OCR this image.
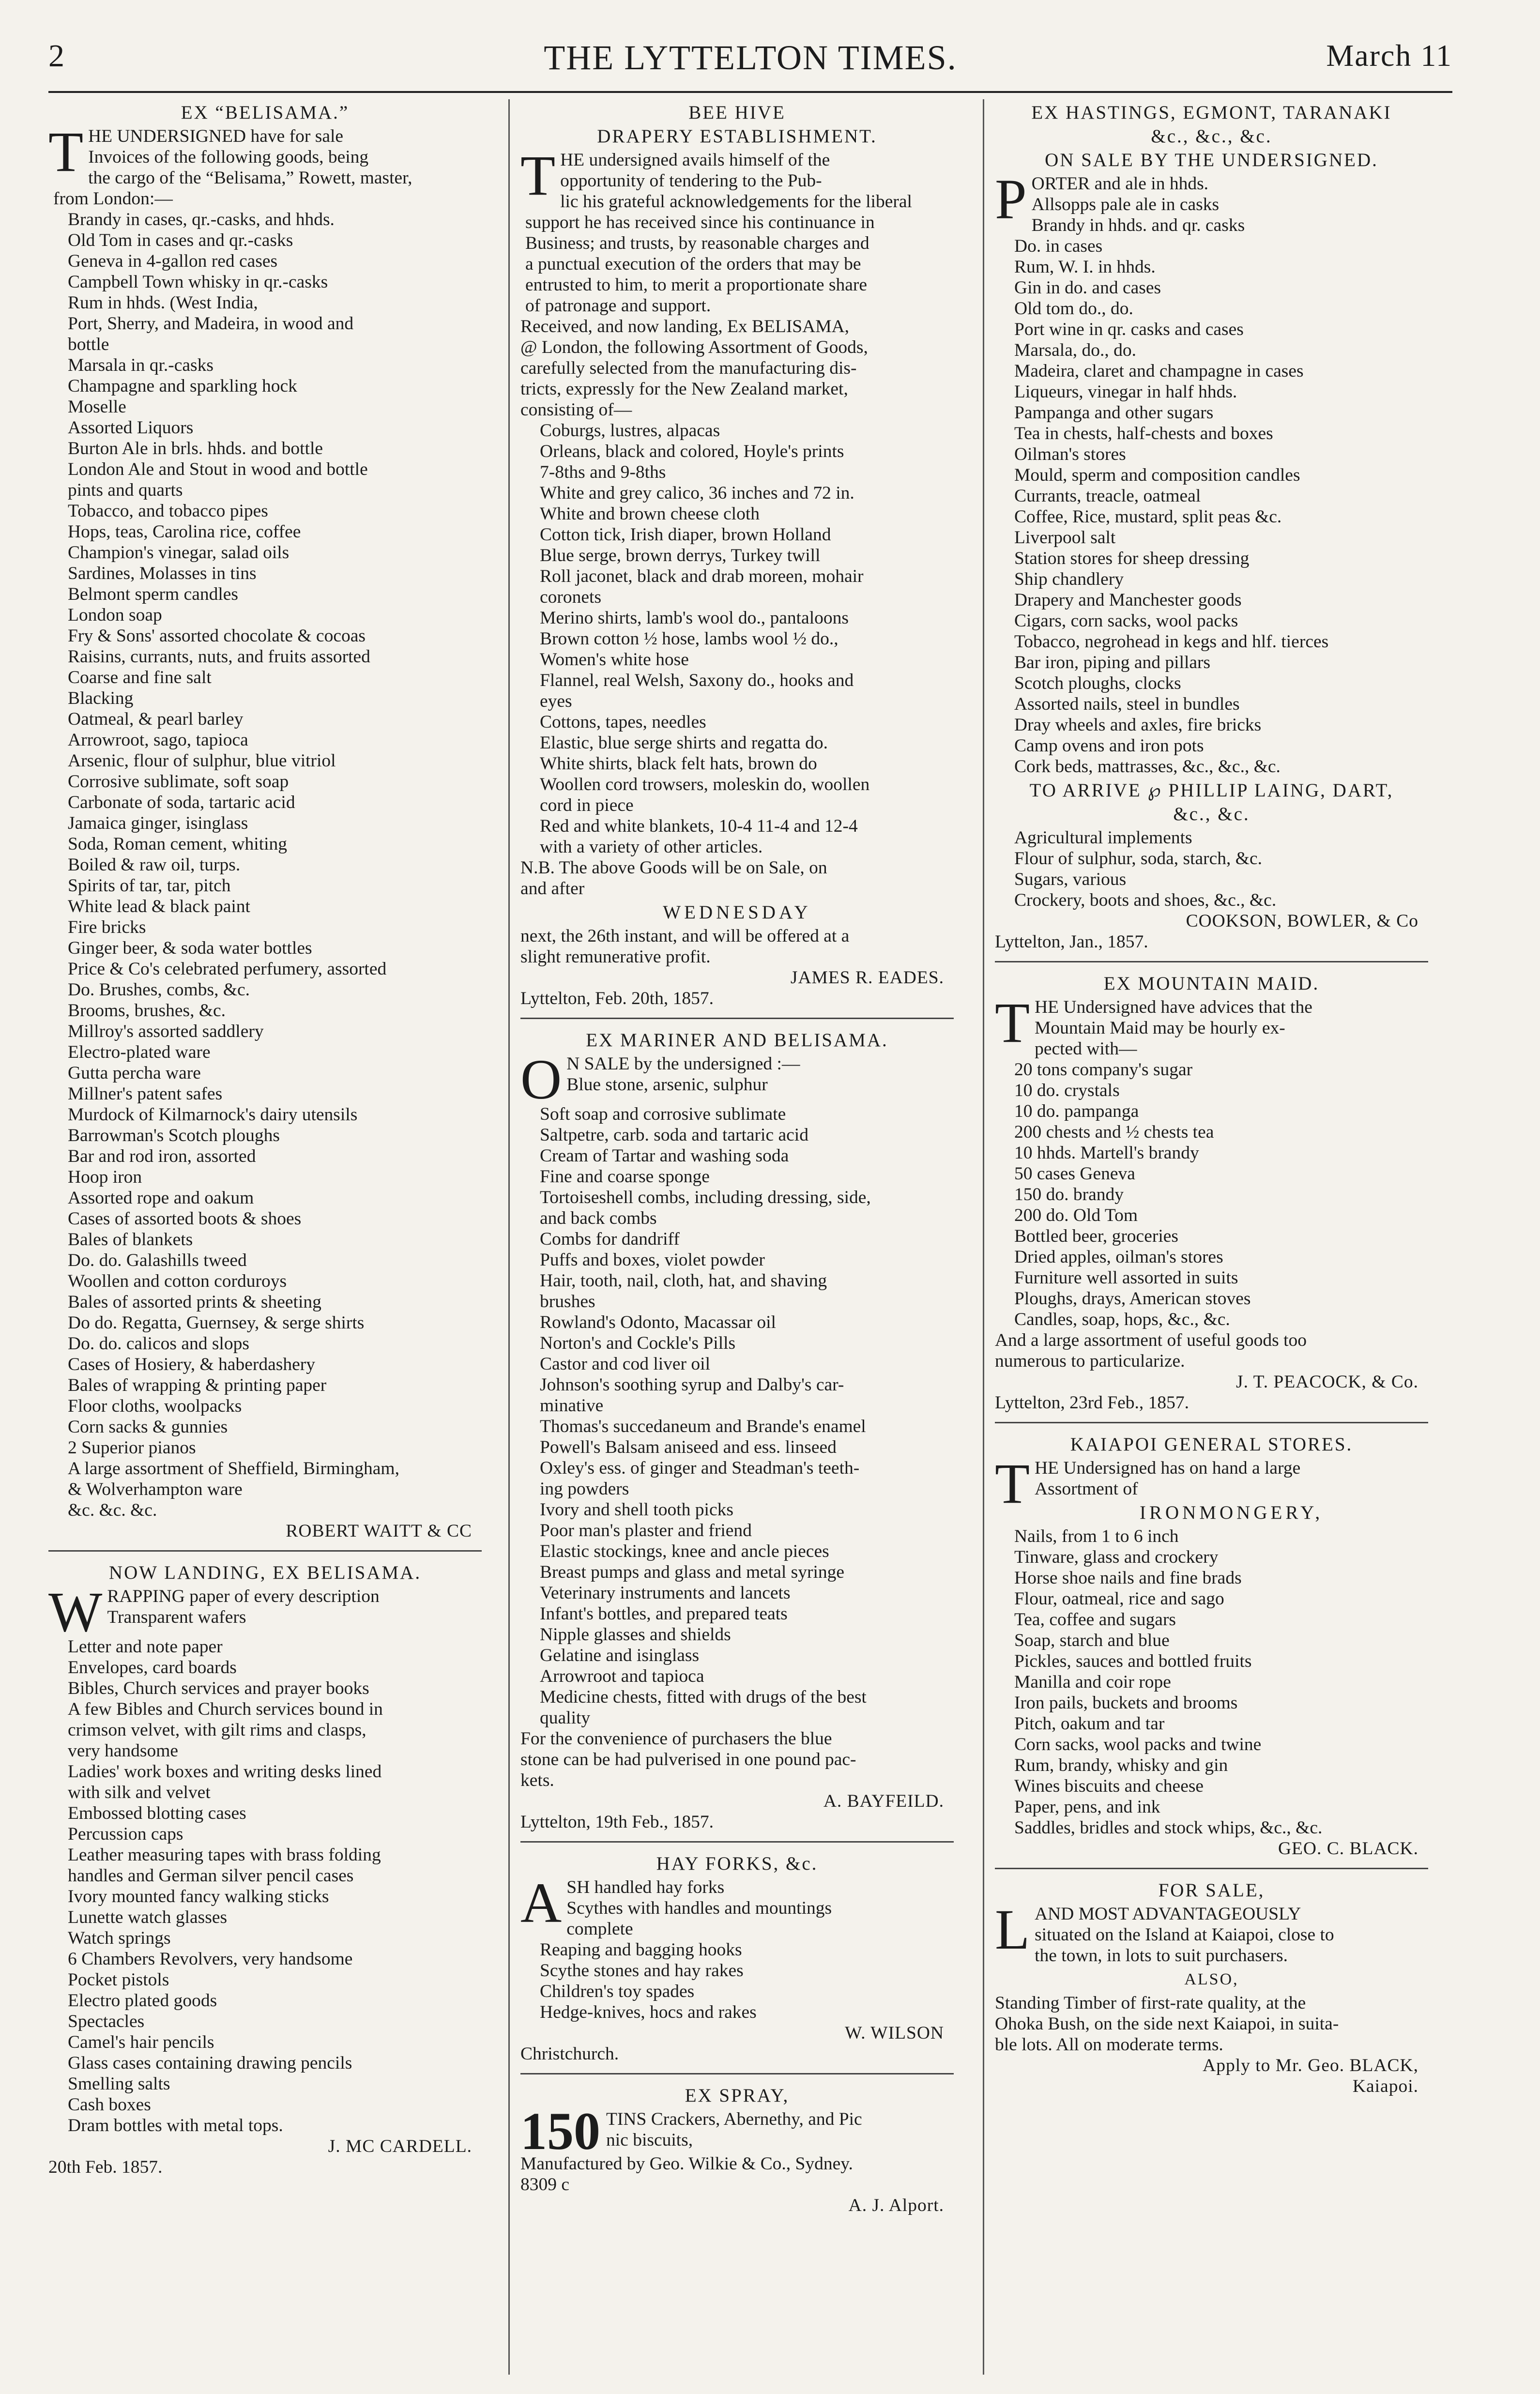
2	THE LYTTELTON TIMES.	March 11
EX “BELISAMA.”
T HE UNDERSIGNED have for sale

Invoices of the following goods, being

the cargo of the “Belisama,” Rowett, master,

from London:—

Brandy in cases, qr.-casks, and hhds.

Old Tom in cases and qr.-casks

Geneva in 4-gallon red cases

Campbell Town whisky in qr.-casks

Rum in hhds. (West India,

Port, Sherry, and Madeira, in wood and

bottle

Marsala in qr.-casks

Champagne and sparkling hock

Moselle

Assorted Liquors

Burton Ale in brls. hhds. and bottle

London Ale and Stout in wood and bottle

pints and quarts

Tobacco, and tobacco pipes

Hops, teas, Carolina rice, coffee

Champion's vinegar, salad oils

Sardines, Molasses in tins

Belmont sperm candles

London soap

Fry & Sons' assorted chocolate & cocoas

Raisins, currants, nuts, and fruits assorted

Coarse and fine salt

Blacking

Oatmeal, & pearl barley

Arrowroot, sago, tapioca

Arsenic, flour of sulphur, blue vitriol

Corrosive sublimate, soft soap

Carbonate of soda, tartaric acid

Jamaica ginger, isinglass

Soda, Roman cement, whiting

Boiled & raw oil, turps.

Spirits of tar, tar, pitch

White lead & black paint

Fire bricks

Ginger beer, & soda water bottles

Price & Co's celebrated perfumery, assorted

Do. Brushes, combs, &c.

Brooms, brushes, &c.

Millroy's assorted saddlery

Electro-plated ware

Gutta percha ware

Millner's patent safes

Murdock of Kilmarnock's dairy utensils

Barrowman's Scotch ploughs

Bar and rod iron, assorted

Hoop iron

Assorted rope and oakum

Cases of assorted boots & shoes

Bales of blankets

Do. do. Galashills tweed

Woollen and cotton corduroys

Bales of assorted prints & sheeting

Do do. Regatta, Guernsey, & serge shirts

Do. do. calicos and slops

Cases of Hosiery, & haberdashery

Bales of wrapping & printing paper

Floor cloths, woolpacks

Corn sacks & gunnies

2 Superior pianos

A large assortment of Sheffield, Birmingham,

& Wolverhampton ware

&c. &c. &c.

ROBERT WAITT & CC

NOW LANDING, EX BELISAMA.
W RAPPING paper of every description

Transparent wafers

Letter and note paper

Envelopes, card boards

Bibles, Church services and prayer books

A few Bibles and Church services bound in

crimson velvet, with gilt rims and clasps,

very handsome

Ladies' work boxes and writing desks lined

with silk and velvet

Embossed blotting cases

Percussion caps

Leather measuring tapes with brass folding

handles and German silver pencil cases

Ivory mounted fancy walking sticks

Lunette watch glasses

Watch springs

6 Chambers Revolvers, very handsome

Pocket pistols

Electro plated goods

Spectacles

Camel's hair pencils

Glass cases containing drawing pencils

Smelling salts

Cash boxes

Dram bottles with metal tops.

J. MC CARDELL.

20th Feb. 1857.

BEE HIVE
DRAPERY ESTABLISHMENT.
T HE undersigned avails himself of the

opportunity of tendering to the Pub-

lic his grateful acknowledgements for the liberal

support he has received since his continuance in

Business; and trusts, by reasonable charges and

a punctual execution of the orders that may be

entrusted to him, to merit a proportionate share

of patronage and support.

Received, and now landing, Ex BELISAMA,

@ London, the following Assortment of Goods,

carefully selected from the manufacturing dis-

tricts, expressly for the New Zealand market,

consisting of—

Coburgs, lustres, alpacas

Orleans, black and colored, Hoyle's prints

7-8ths and 9-8ths

White and grey calico, 36 inches and 72 in.

White and brown cheese cloth

Cotton tick, Irish diaper, brown Holland

Blue serge, brown derrys, Turkey twill

Roll jaconet, black and drab moreen, mohair

coronets

Merino shirts, lamb's wool do., pantaloons

Brown cotton ½ hose, lambs wool ½ do.,

Women's white hose

Flannel, real Welsh, Saxony do., hooks and

eyes

Cottons, tapes, needles

Elastic, blue serge shirts and regatta do.

White shirts, black felt hats, brown do

Woollen cord trowsers, moleskin do, woollen

cord in piece

Red and white blankets, 10-4 11-4 and 12-4

with a variety of other articles.

N.B. The above Goods will be on Sale, on

and after

WEDNESDAY

next, the 26th instant, and will be offered at a

slight remunerative profit.

JAMES R. EADES.

Lyttelton, Feb. 20th, 1857.

EX MARINER AND BELISAMA.
O N SALE by the undersigned :—

Blue stone, arsenic, sulphur

Soft soap and corrosive sublimate

Saltpetre, carb. soda and tartaric acid

Cream of Tartar and washing soda

Fine and coarse sponge

Tortoiseshell combs, including dressing, side,

and back combs

Combs for dandriff

Puffs and boxes, violet powder

Hair, tooth, nail, cloth, hat, and shaving

brushes

Rowland's Odonto, Macassar oil

Norton's and Cockle's Pills

Castor and cod liver oil

Johnson's soothing syrup and Dalby's car-

minative

Thomas's succedaneum and Brande's enamel

Powell's Balsam aniseed and ess. linseed

Oxley's ess. of ginger and Steadman's teeth-

ing powders

Ivory and shell tooth picks

Poor man's plaster and friend

Elastic stockings, knee and ancle pieces

Breast pumps and glass and metal syringe

Veterinary instruments and lancets

Infant's bottles, and prepared teats

Nipple glasses and shields

Gelatine and isinglass

Arrowroot and tapioca

Medicine chests, fitted with drugs of the best

quality

For the convenience of purchasers the blue

stone can be had pulverised in one pound pac-

kets.

A. BAYFEILD.

Lyttelton, 19th Feb., 1857.

HAY FORKS, &c.
A SH handled hay forks

Scythes with handles and mountings

complete

Reaping and bagging hooks

Scythe stones and hay rakes

Children's toy spades

Hedge-knives, hocs and rakes

W. WILSON

Christchurch.

EX SPRAY,
150 TINS Crackers, Abernethy, and Pic

nic biscuits,

Manufactured by Geo. Wilkie & Co., Sydney.

8309 c

A. J. Alport.

EX HASTINGS, EGMONT, TARANAKI
&c., &c., &c.
ON SALE BY THE UNDERSIGNED.
P ORTER and ale in hhds.

Allsopps pale ale in casks

Brandy in hhds. and qr. casks

Do. in cases

Rum, W. I. in hhds.

Gin in do. and cases

Old tom do., do.

Port wine in qr. casks and cases

Marsala, do., do.

Madeira, claret and champagne in cases

Liqueurs, vinegar in half hhds.

Pampanga and other sugars

Tea in chests, half-chests and boxes

Oilman's stores

Mould, sperm and composition candles

Currants, treacle, oatmeal

Coffee, Rice, mustard, split peas &c.

Liverpool salt

Station stores for sheep dressing

Ship chandlery

Drapery and Manchester goods

Cigars, corn sacks, wool packs

Tobacco, negrohead in kegs and hlf. tierces

Bar iron, piping and pillars

Scotch ploughs, clocks

Assorted nails, steel in bundles

Dray wheels and axles, fire bricks

Camp ovens and iron pots

Cork beds, mattrasses, &c., &c., &c.

TO ARRIVE ℘ PHILLIP LAING, DART,
&c., &c.

Agricultural implements

Flour of sulphur, soda, starch, &c.

Sugars, various

Crockery, boots and shoes, &c., &c.

COOKSON, BOWLER, & Co

Lyttelton, Jan., 1857.

EX MOUNTAIN MAID.
T HE Undersigned have advices that the

Mountain Maid may be hourly ex-

pected with—

20 tons company's sugar

10 do. crystals

10 do. pampanga

200 chests and ½ chests tea

10 hhds. Martell's brandy

50 cases Geneva

150 do. brandy

200 do. Old Tom

Bottled beer, groceries

Dried apples, oilman's stores

Furniture well assorted in suits

Ploughs, drays, American stoves

Candles, soap, hops, &c., &c.

And a large assortment of useful goods too

numerous to particularize.

J. T. PEACOCK, & Co.

Lyttelton, 23rd Feb., 1857.

KAIAPOI GENERAL STORES.
T HE Undersigned has on hand a large

Assortment of

IRONMONGERY,

Nails, from 1 to 6 inch

Tinware, glass and crockery

Horse shoe nails and fine brads

Flour, oatmeal, rice and sago

Tea, coffee and sugars

Soap, starch and blue

Pickles, sauces and bottled fruits

Manilla and coir rope

Iron pails, buckets and brooms

Pitch, oakum and tar

Corn sacks, wool packs and twine

Rum, brandy, whisky and gin

Wines biscuits and cheese

Paper, pens, and ink

Saddles, bridles and stock whips, &c., &c.

GEO. C. BLACK.

FOR SALE,
L AND MOST ADVANTAGEOUSLY

situated on the Island at Kaiapoi, close to

the town, in lots to suit purchasers.

ALSO,

Standing Timber of first-rate quality, at the

Ohoka Bush, on the side next Kaiapoi, in suita-

ble lots. All on moderate terms.

Apply to Mr. Geo. BLACK,

Kaiapoi.
